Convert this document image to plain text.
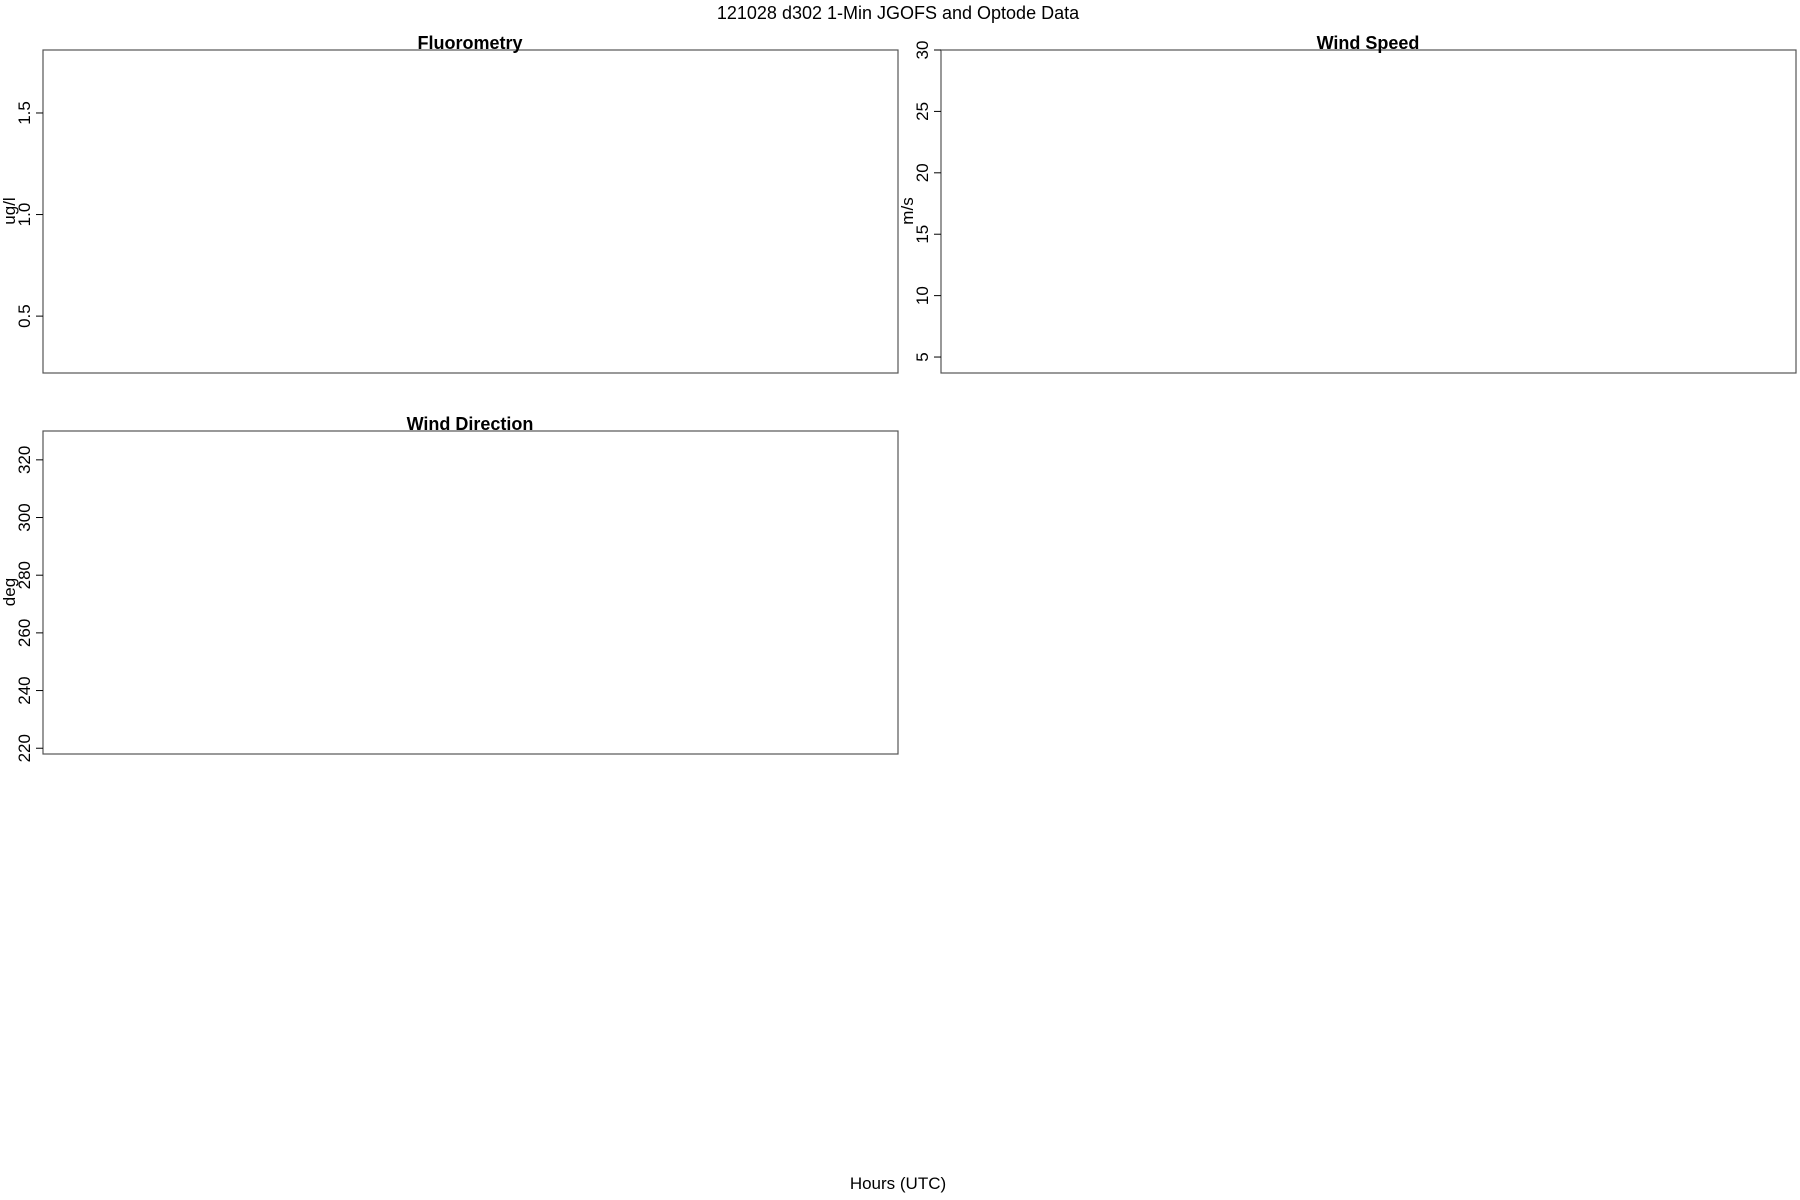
121028 d302 1-Min JGOFS and Optode Data
Fluorometry
ug/l
0.5
1.0
1.5
Wind Speed
m/s
5
10
15
20
25
30
Wind Direction
deg
220
240
260
280
300
320
Hours (UTC)
